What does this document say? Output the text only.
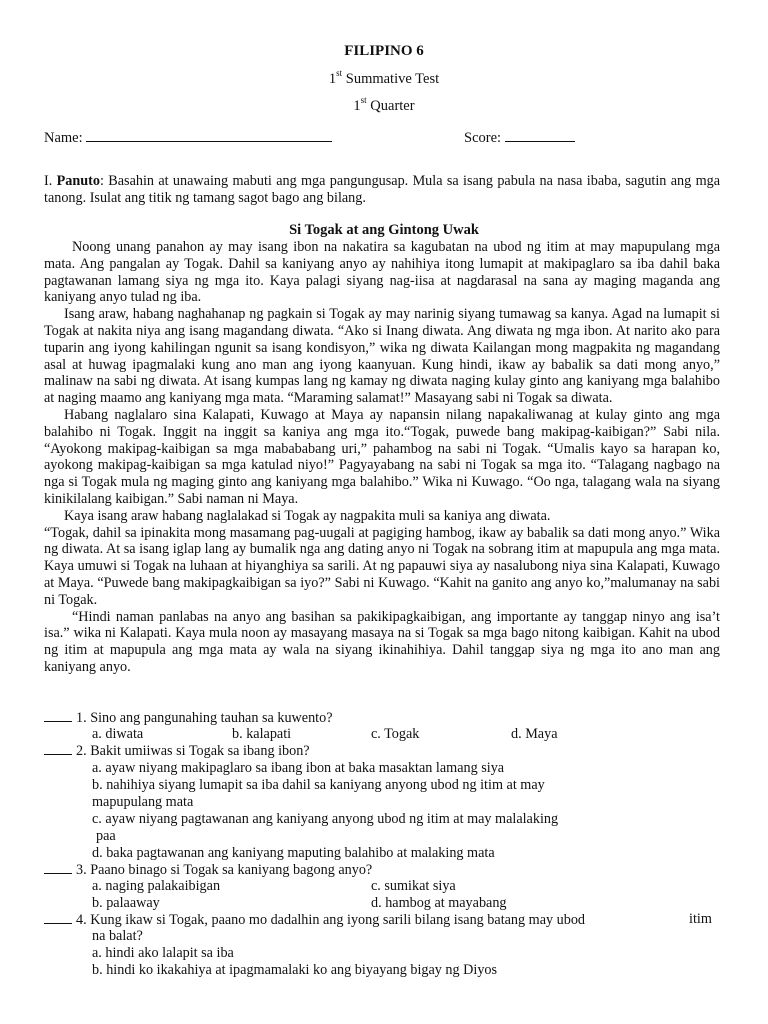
FILIPINO 6
1st Summative Test
1st Quarter
Name:	Score:
I. Panuto: Basahin at unawaing mabuti ang mga pangungusap. Mula sa isang pabula na nasa ibaba, sagutin ang mga tanong. Isulat ang titik ng tamang sagot bago ang bilang.
Si Togak at ang Gintong Uwak

Noong unang panahon ay may isang ibon na nakatira sa kagubatan na ubod ng itim at may mapupulang mga mata. Ang pangalan ay Togak. Dahil sa kaniyang anyo ay nahihiya itong lumapit at makipaglaro sa iba dahil baka pagtawanan lamang siya ng mga ito. Kaya palagi siyang nag-iisa at nagdarasal na sana ay maging maganda ang kaniyang anyo tulad ng iba.

Isang araw, habang naghahanap ng pagkain si Togak ay may narinig siyang tumawag sa kanya. Agad na lumapit si Togak at nakita niya ang isang magandang diwata. “Ako si Inang diwata. Ang diwata ng mga ibon. At narito ako para tuparin ang iyong kahilingan ngunit sa isang kondisyon,” wika ng diwata Kailangan mong magpakita ng magandang asal at huwag ipagmalaki kung ano man ang iyong kaanyuan. Kung hindi, ikaw ay babalik sa dati mong anyo,” malinaw na sabi ng diwata. At isang kumpas lang ng kamay ng diwata naging kulay ginto ang kaniyang mga balahibo at naging maamo ang kaniyang mga mata. “Maraming salamat!” Masayang sabi ni Togak sa diwata.

Habang naglalaro sina Kalapati, Kuwago at Maya ay napansin nilang napakaliwanag at kulay ginto ang mga balahibo ni Togak. Inggit na inggit sa kaniya ang mga ito.“Togak, puwede bang makipag-kaibigan?” Sabi nila. “Ayokong makipag-kaibigan sa mga mabababang uri,” pahambog na sabi ni Togak. “Umalis kayo sa harapan ko, ayokong makipag-kaibigan sa mga katulad niyo!” Pagyayabang na sabi ni Togak sa mga ito. “Talagang nagbago na nga si Togak mula ng maging ginto ang kaniyang mga balahibo.” Wika ni Kuwago. “Oo nga, talagang wala na siyang kinikilalang kaibigan.” Sabi naman ni Maya.

Kaya isang araw habang naglalakad si Togak ay nagpakita muli sa kaniya ang diwata.

“Togak, dahil sa ipinakita mong masamang pag-uugali at pagiging hambog, ikaw ay babalik sa dati mong anyo.” Wika ng diwata. At sa isang iglap lang ay bumalik nga ang dating anyo ni Togak na sobrang itim at mapupula ang mga mata. Kaya umuwi si Togak na luhaan at hiyanghiya sa sarili. At ng papauwi siya ay nasalubong niya sina Kalapati, Kuwago at Maya. “Puwede bang makipagkaibigan sa iyo?” Sabi ni Kuwago. “Kahit na ganito ang anyo ko,”malumanay na sabi ni Togak.

“Hindi naman panlabas na anyo ang basihan sa pakikipagkaibigan, ang importante ay tanggap ninyo ang isa’t isa.” wika ni Kalapati. Kaya mula noon ay masayang masaya na si Togak sa mga bago nitong kaibigan. Kahit na ubod ng itim at mapupula ang mga mata ay wala na siyang ikinahihiya. Dahil tanggap siya ng mga ito ano man ang kaniyang anyo.

1. Sino ang pangunahing tauhan sa kuwento?
a. diwata	b. kalapati	c. Togak	d. Maya
2. Bakit umiiwas si Togak sa ibang ibon?
a. ayaw niyang makipaglaro sa ibang ibon at baka masaktan lamang siya
b. nahihiya siyang lumapit sa iba dahil sa kaniyang anyong ubod ng itim at may
mapupulang mata
c. ayaw niyang pagtawanan ang kaniyang anyong ubod ng itim at may malalaking
paa
d. baka pagtawanan ang kaniyang maputing balahibo at malaking mata
3. Paano binago si Togak sa kaniyang bagong anyo?
a. naging palakaibigan	c. sumikat siya
b. palaaway	d. hambog at mayabang
4. Kung ikaw si Togak, paano mo dadalhin ang iyong sarili bilang isang batang may ubod	itim
na balat?
a. hindi ako lalapit sa iba
b. hindi ko ikakahiya at ipagmamalaki ko ang biyayang bigay ng Diyos
